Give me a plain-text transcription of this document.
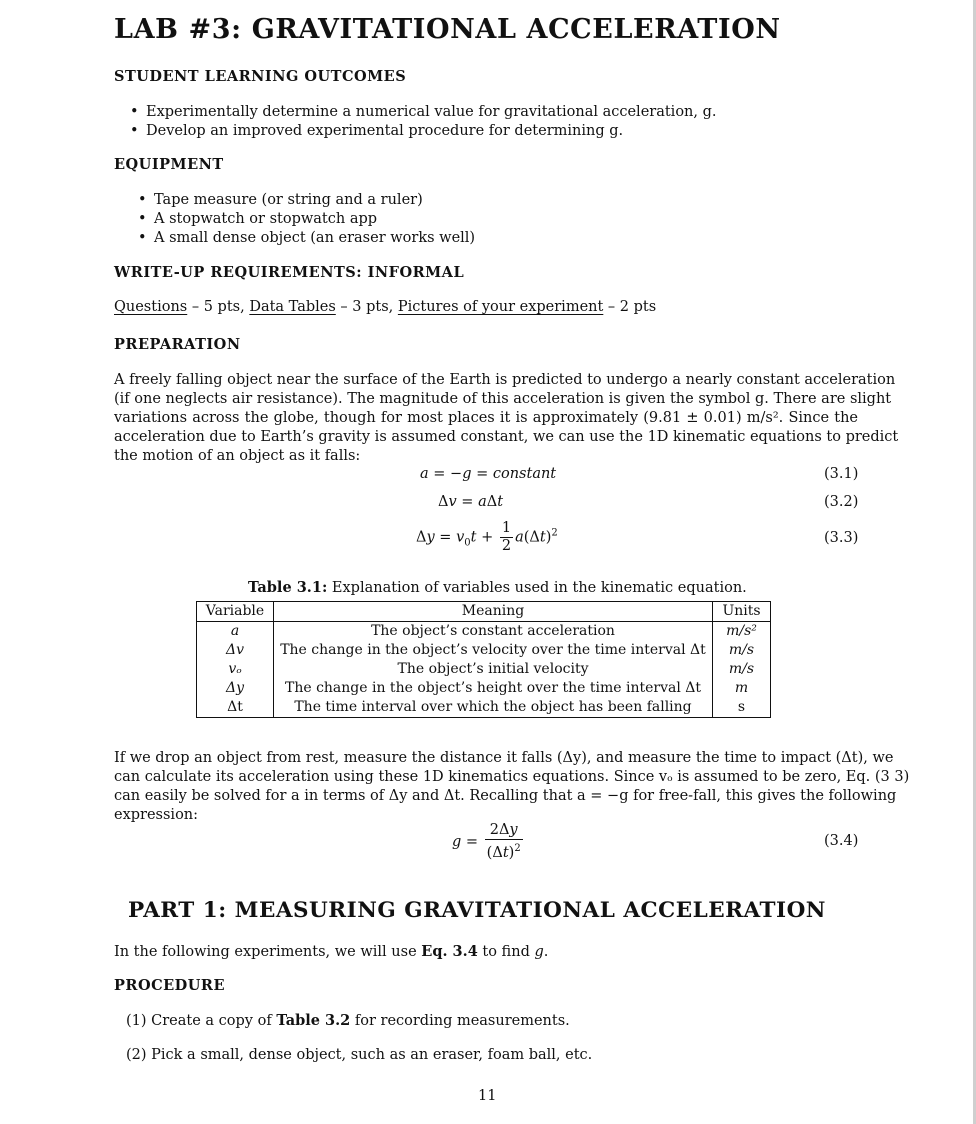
LAB #3: GRAVITATIONAL ACCELERATION
STUDENT LEARNING OUTCOMES
• Experimentally determine a numerical value for gravitational acceleration, g.
• Develop an improved experimental procedure for determining g.
EQUIPMENT
• Tape measure (or string and a ruler)
• A stopwatch or stopwatch app
• A small dense object (an eraser works well)
WRITE-UP REQUIREMENTS: INFORMAL
Questions – 5 pts, Data Tables – 3 pts, Pictures of your experiment – 2 pts
PREPARATION
A freely falling object near the surface of the Earth is predicted to undergo a nearly constant acceleration
(if one neglects air resistance). The magnitude of this acceleration is given the symbol g. There are slight
variations across the globe, though for most places it is approximately (9.81 ± 0.01) m/s². Since the
acceleration due to Earth’s gravity is assumed constant, we can use the 1D kinematic equations to predict
the motion of an object as it falls:
a = −g = constant	(3.1)
Δv = aΔt	(3.2)
$\Delta y = v_0t + \frac{1}{2} a(\Delta t)^2$	(3.3)
Table 3.1: Explanation of variables used in the kinematic equation.
Variable	Meaning	Units
a	The object’s constant acceleration	m/s²
Δv	The change in the object’s velocity over the time interval Δt	m/s
vₒ	The object’s initial velocity	m/s
Δy	The change in the object’s height over the time interval Δt	m
Δt	The time interval over which the object has been falling	s
If we drop an object from rest, measure the distance it falls (Δy), and measure the time to impact (Δt), we
can calculate its acceleration using these 1D kinematics equations. Since vₒ is assumed to be zero, Eq. (3 3)
can easily be solved for a in terms of Δy and Δt. Recalling that a = −g for free-fall, this gives the following
expression:
$g = \frac{2\Delta y}{(\Delta t)^2}$	(3.4)
PART 1: MEASURING GRAVITATIONAL ACCELERATION
In the following experiments, we will use Eq. 3.4 to find g.
PROCEDURE
(1) Create a copy of Table 3.2 for recording measurements.
(2) Pick a small, dense object, such as an eraser, foam ball, etc.
11
